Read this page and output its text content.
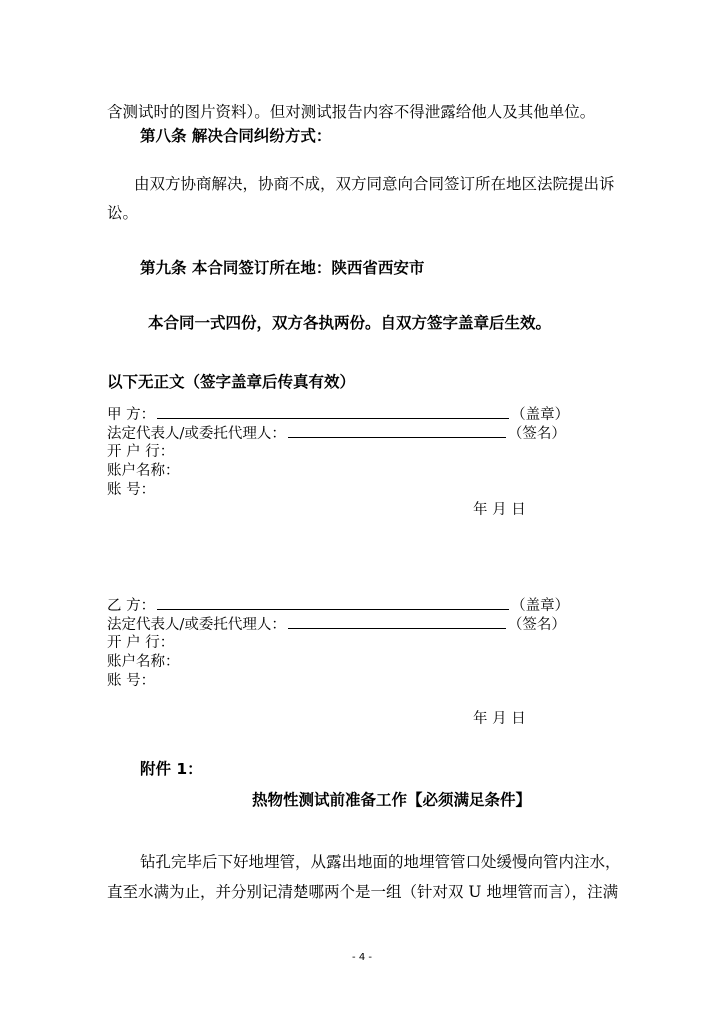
含测试时的图片资料）。但对测试报告内容不得泄露给他人及其他单位。
第八条 解决合同纠纷方式：
由双方协商解决，协商不成，双方同意向合同签订所在地区法院提出诉
讼。
第九条 本合同签订所在地：陕西省西安市
本合同一式四份，双方各执两份。自双方签字盖章后生效。
以下无正文（签字盖章后传真有效）
甲 方：	（盖章）
法定代表人/或委托代理人：	（签名）
开 户 行：
账户名称：
账 号：
年 月 日
乙 方：	（盖章）
法定代表人/或委托代理人：	（签名）
开 户 行：
账户名称：
账 号：
年 月 日
附件 1：
热物性测试前准备工作【必须满足条件】
钻孔完毕后下好地埋管，从露出地面的地埋管管口处缓慢向管内注水，
直至水满为止，并分别记清楚哪两个是一组（针对双 U 地埋管而言），注满
- 4 -
